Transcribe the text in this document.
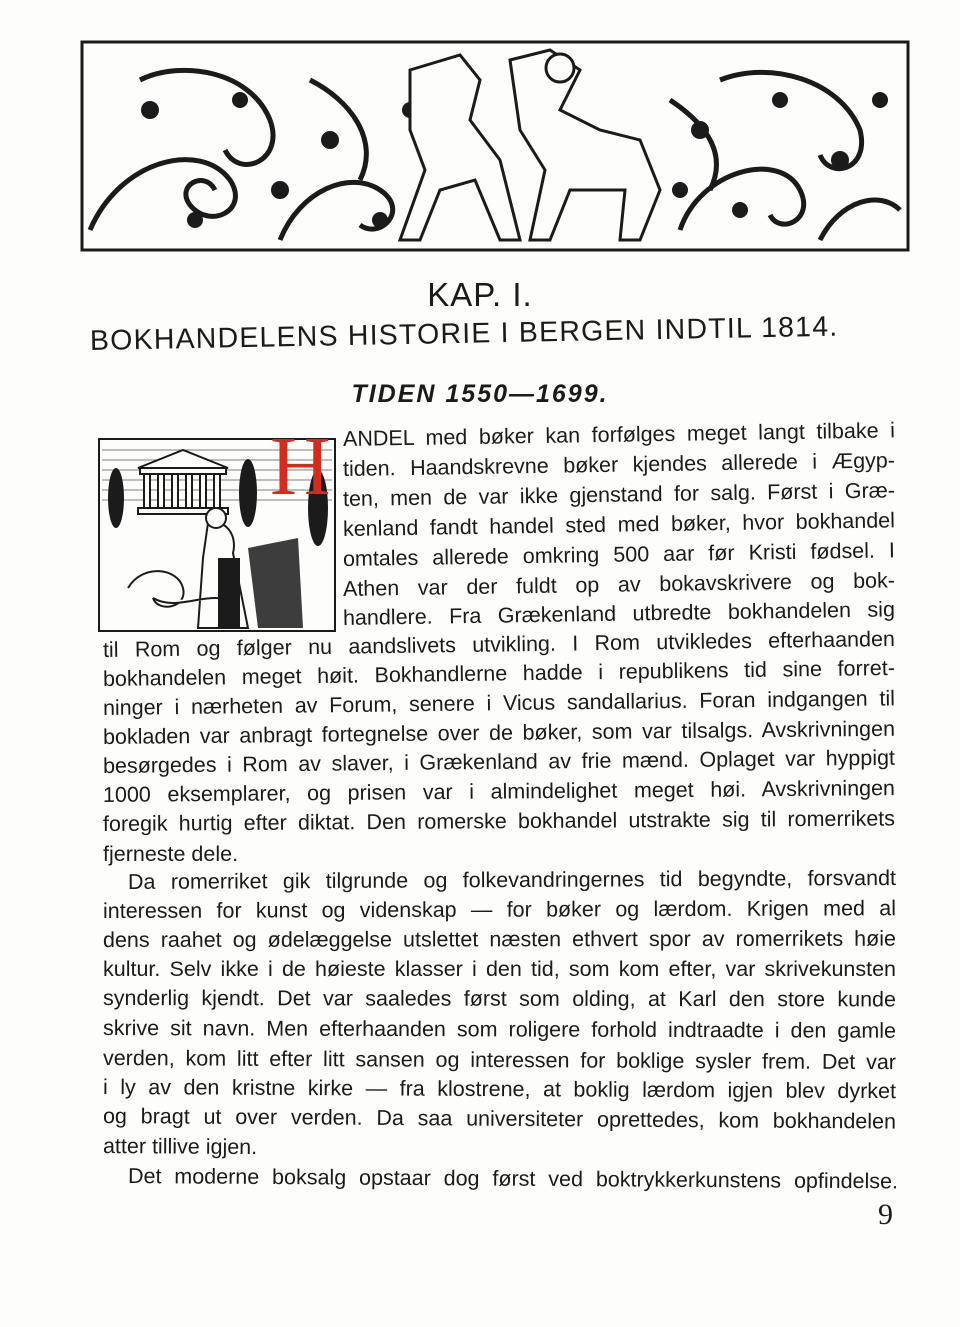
KAP. I.
BOKHANDELENS HISTORIE I BERGEN INDTIL 1814.
TIDEN 1550—1699.
H ANDEL med bøker kan forfølges meget langt tilbake i
tiden. Haandskrevne bøker kjendes allerede i Ægyp-
ten, men de var ikke gjenstand for salg. Først i Græ-
kenland fandt handel sted med bøker, hvor bokhandel
omtales allerede omkring 500 aar før Kristi fødsel. I
Athen var der fuldt op av bokavskrivere og bok-
handlere. Fra Grækenland utbredte bokhandelen sig
til Rom og følger nu aandslivets utvikling. I Rom utvikledes efterhaanden
bokhandelen meget høit. Bokhandlerne hadde i republikens tid sine forret-
ninger i nærheten av Forum, senere i Vicus sandallarius. Foran indgangen til
bokladen var anbragt fortegnelse over de bøker, som var tilsalgs. Avskrivningen
besørgedes i Rom av slaver, i Grækenland av frie mænd. Oplaget var hyppigt
1000 eksemplarer, og prisen var i almindelighet meget høi. Avskrivningen
foregik hurtig efter diktat. Den romerske bokhandel utstrakte sig til romerrikets
fjerneste dele.
Da romerriket gik tilgrunde og folkevandringernes tid begyndte, forsvandt
interessen for kunst og videnskap — for bøker og lærdom. Krigen med al
dens raahet og ødelæggelse utslettet næsten ethvert spor av romerrikets høie
kultur. Selv ikke i de høieste klasser i den tid, som kom efter, var skrivekunsten
synderlig kjendt. Det var saaledes først som olding, at Karl den store kunde
skrive sit navn. Men efterhaanden som roligere forhold indtraadte i den gamle
verden, kom litt efter litt sansen og interessen for boklige sysler frem. Det var
i ly av den kristne kirke — fra klostrene, at boklig lærdom igjen blev dyrket
og bragt ut over verden. Da saa universiteter oprettedes, kom bokhandelen
atter tillive igjen.
Det moderne boksalg opstaar dog først ved boktrykkerkunstens opfindelse.
9
